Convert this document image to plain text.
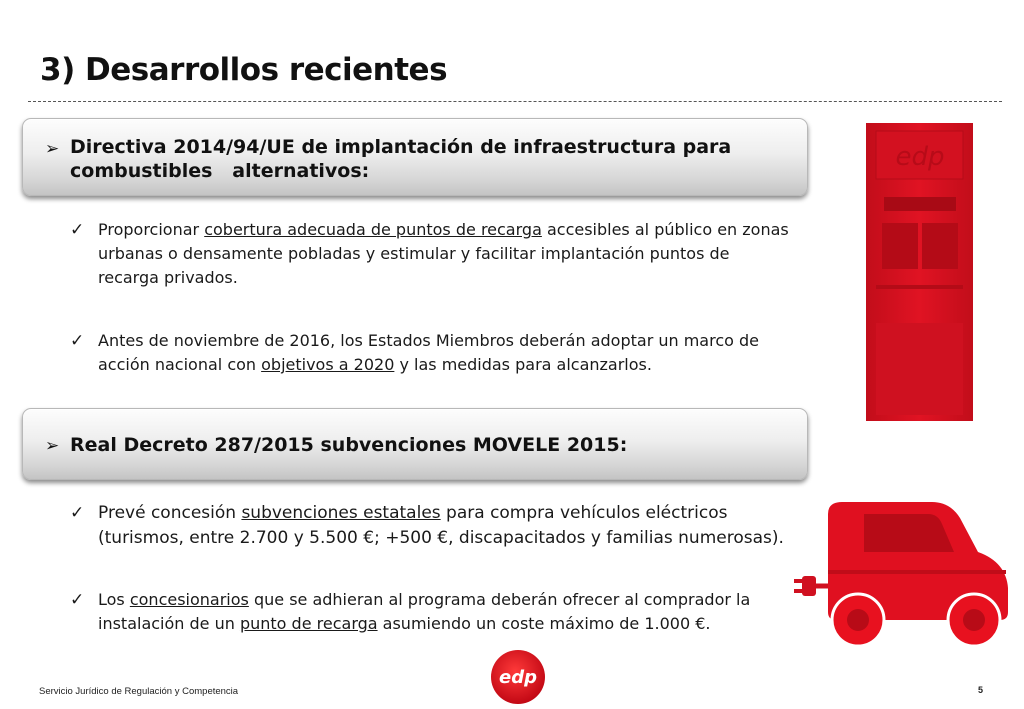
3) Desarrollos recientes
➢ Directiva 2014/94/UE de implantación de infraestructura para
combustibles   alternativos:
✓ Proporcionar cobertura adecuada de puntos de recarga accesibles al público en zonas urbanas o densamente pobladas y estimular y facilitar implantación puntos de recarga privados.
✓ Antes de noviembre de 2016, los Estados Miembros deberán adoptar un marco de acción nacional con objetivos a 2020 y las medidas para alcanzarlos.
➢ Real Decreto 287/2015 subvenciones MOVELE 2015:
✓ Prevé concesión subvenciones estatales para compra vehículos eléctricos (turismos, entre 2.700 y 5.500 €; +500 €, discapacitados y familias numerosas).
✓ Los concesionarios que se adhieran al programa deberán ofrecer al comprador la instalación de un punto de recarga asumiendo un coste máximo de 1.000 €.
edp
edp
Servicio Jurídico de Regulación y Competencia	5
